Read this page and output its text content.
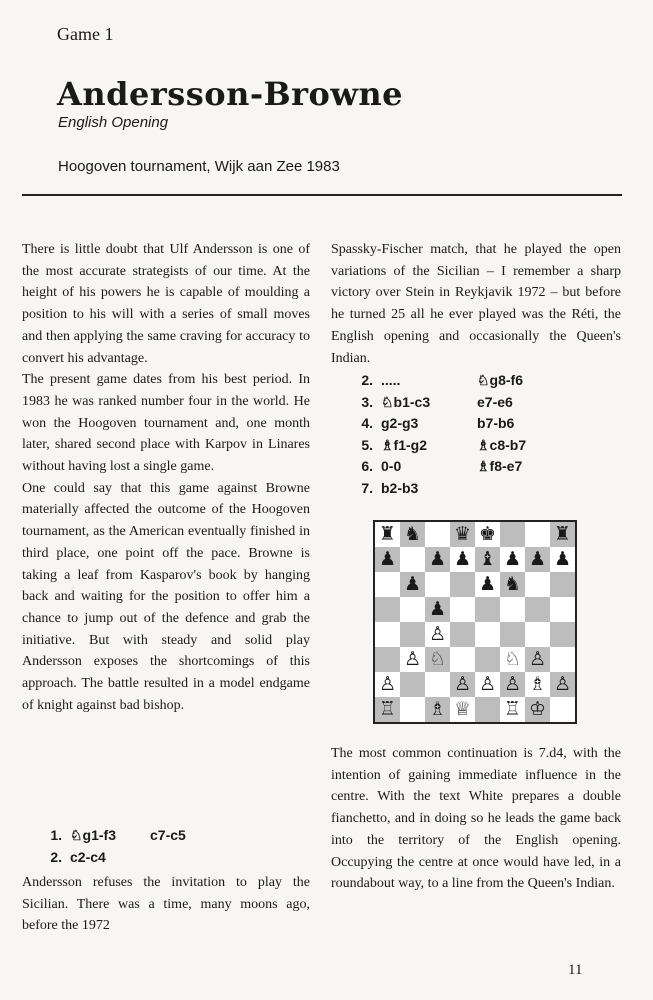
Game 1
Andersson-Browne
English Opening
Hoogoven tournament, Wijk aan Zee 1983

There is little doubt that Ulf Andersson is one of the most accurate strategists of our time. At the height of his powers he is capable of moulding a position to his will with a series of small moves and then applying the same craving for accuracy to convert his advantage.

The present game dates from his best period. In 1983 he was ranked number four in the world. He won the Hoogoven tournament and, one month later, shared second place with Karpov in Linares without having lost a single game.

One could say that this game against Browne materially affected the outcome of the Hoogoven tournament, as the American eventually finished in third place, one point off the pace. Browne is taking a leaf from Kasparov's book by hanging back and waiting for the position to offer him a chance to jump out of the defence and grab the initiative. But with steady and solid play Andersson exposes the shortcomings of this approach. The battle resulted in a model endgame of knight against bad bishop.

1. ♘g1-f3 c7-c5
2. c2-c4

Andersson refuses the invitation to play the Sicilian. There was a time, many moons ago, before the 1972

Spassky-Fischer match, that he played the open variations of the Sicilian – I remember a sharp victory over Stein in Reykjavik 1972 – but before he turned 25 all he ever played was the Réti, the English opening and occasionally the Queen's Indian.

2. .....	♘g8-f6
3. ♘b1-c3	e7-e6
4. g2-g3	b7-b6
5. ♗f1-g2	♗c8-b7
6. 0-0	♗f8-e7
7. b2-b3
♜ ♞ ♛ ♚	♜
♟ ♟ ♟ ♝ ♟ ♟ ♟
♟	♟ ♞
♟
♙
♙ ♘	♘ ♙
♙	♙ ♙ ♙ ♗ ♙
♖ ♗ ♕ ♖ ♔

The most common continuation is 7.d4, with the intention of gaining immediate influence in the centre. With the text White prepares a double fianchetto, and in doing so he leads the game back into the territory of the English opening. Occupying the centre at once would have led, in a roundabout way, to a line from the Queen's Indian.

11
